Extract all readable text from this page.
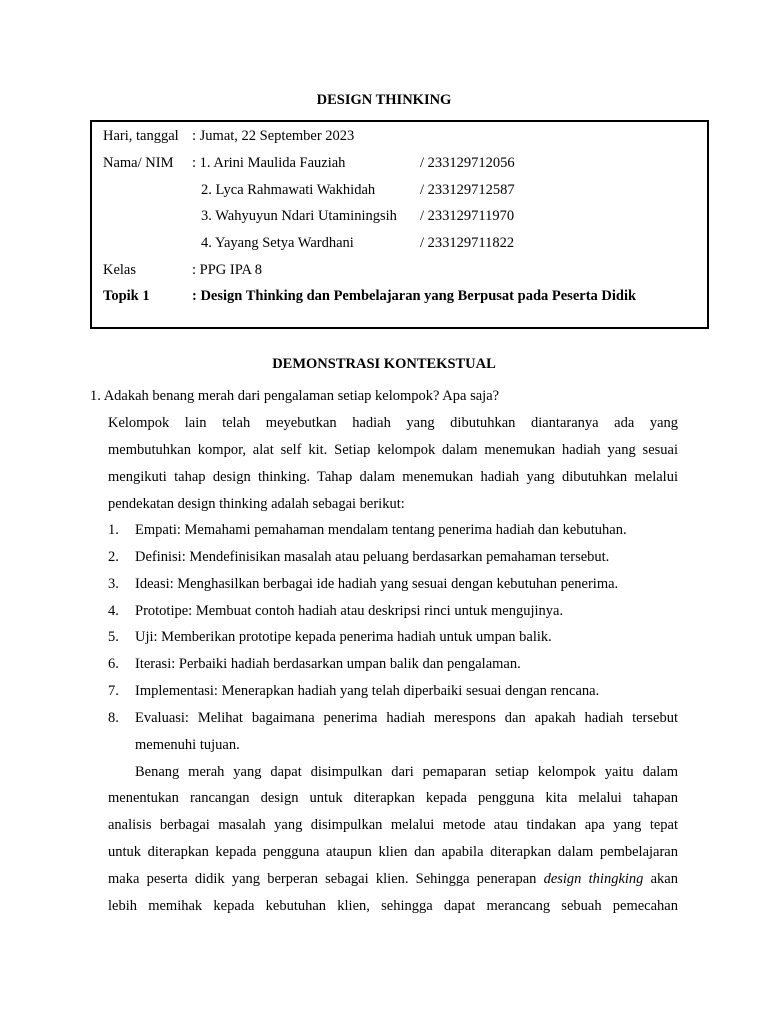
DESIGN THINKING
Hari, tanggal : Jumat, 22 September 2023
Nama/ NIM : 1. Arini Maulida Fauziah	/ 233129712056
2. Lyca Rahmawati Wakhidah	/ 233129712587
3. Wahyuyun Ndari Utaminingsih / 233129711970
4. Yayang Setya Wardhani	/ 233129711822
Kelas	: PPG IPA 8
Topik 1	: Design Thinking dan Pembelajaran yang Berpusat pada Peserta Didik
DEMONSTRASI KONTEKSTUAL
1. Adakah benang merah dari pengalaman setiap kelompok? Apa saja?
Kelompok lain telah meyebutkan hadiah yang dibutuhkan diantaranya ada yang
membutuhkan kompor, alat self kit. Setiap kelompok dalam menemukan hadiah yang sesuai
mengikuti tahap design thinking. Tahap dalam menemukan hadiah yang dibutuhkan melalui
pendekatan design thinking adalah sebagai berikut:
1. Empati: Memahami pemahaman mendalam tentang penerima hadiah dan kebutuhan.
2. Definisi: Mendefinisikan masalah atau peluang berdasarkan pemahaman tersebut.
3. Ideasi: Menghasilkan berbagai ide hadiah yang sesuai dengan kebutuhan penerima.
4. Prototipe: Membuat contoh hadiah atau deskripsi rinci untuk mengujinya.
5. Uji: Memberikan prototipe kepada penerima hadiah untuk umpan balik.
6. Iterasi: Perbaiki hadiah berdasarkan umpan balik dan pengalaman.
7. Implementasi: Menerapkan hadiah yang telah diperbaiki sesuai dengan rencana.
8. Evaluasi: Melihat bagaimana penerima hadiah merespons dan apakah hadiah tersebut
memenuhi tujuan.
Benang merah yang dapat disimpulkan dari pemaparan setiap kelompok yaitu dalam
menentukan rancangan design untuk diterapkan kepada pengguna kita melalui tahapan
analisis berbagai masalah yang disimpulkan melalui metode atau tindakan apa yang tepat
untuk diterapkan kepada pengguna ataupun klien dan apabila diterapkan dalam pembelajaran
maka peserta didik yang berperan sebagai klien. Sehingga penerapan design thingking akan
lebih memihak kepada kebutuhan klien, sehingga dapat merancang sebuah pemecahan
